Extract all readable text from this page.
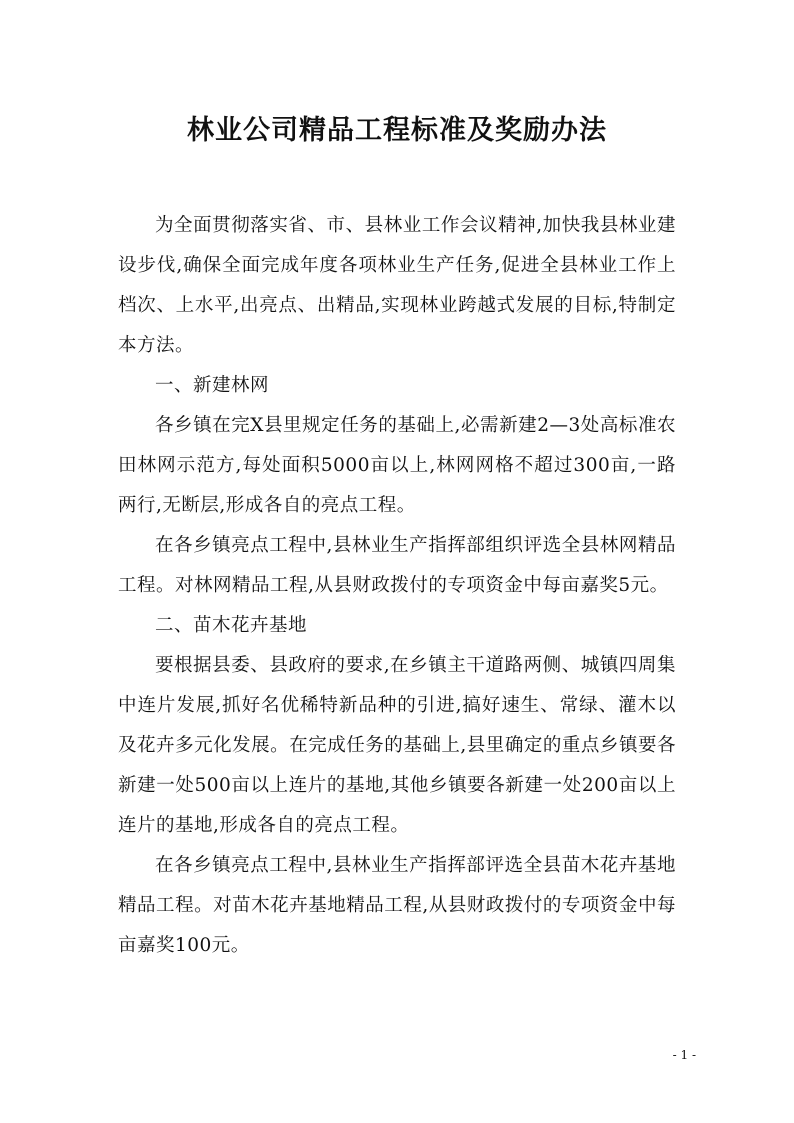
林业公司精品工程标准及奖励办法

为全面贯彻落实省、市、县林业工作会议精神,加快我县林业建设步伐,确保全面完成年度各项林业生产任务,促进全县林业工作上档次、上水平,出亮点、出精品,实现林业跨越式发展的目标,特制定本方法。

一、新建林网

各乡镇在完X县里规定任务的基础上,必需新建2—3处高标准农田林网示范方,每处面积5000亩以上,林网网格不超过300亩,一路两行,无断层,形成各自的亮点工程。

在各乡镇亮点工程中,县林业生产指挥部组织评选全县林网精品工程。对林网精品工程,从县财政拨付的专项资金中每亩嘉奖5元。

二、苗木花卉基地

要根据县委、县政府的要求,在乡镇主干道路两侧、城镇四周集中连片发展,抓好名优稀特新品种的引进,搞好速生、常绿、灌木以及花卉多元化发展。在完成任务的基础上,县里确定的重点乡镇要各新建一处500亩以上连片的基地,其他乡镇要各新建一处200亩以上连片的基地,形成各自的亮点工程。

在各乡镇亮点工程中,县林业生产指挥部评选全县苗木花卉基地精品工程。对苗木花卉基地精品工程,从县财政拨付的专项资金中每亩嘉奖100元。

- 1 -
